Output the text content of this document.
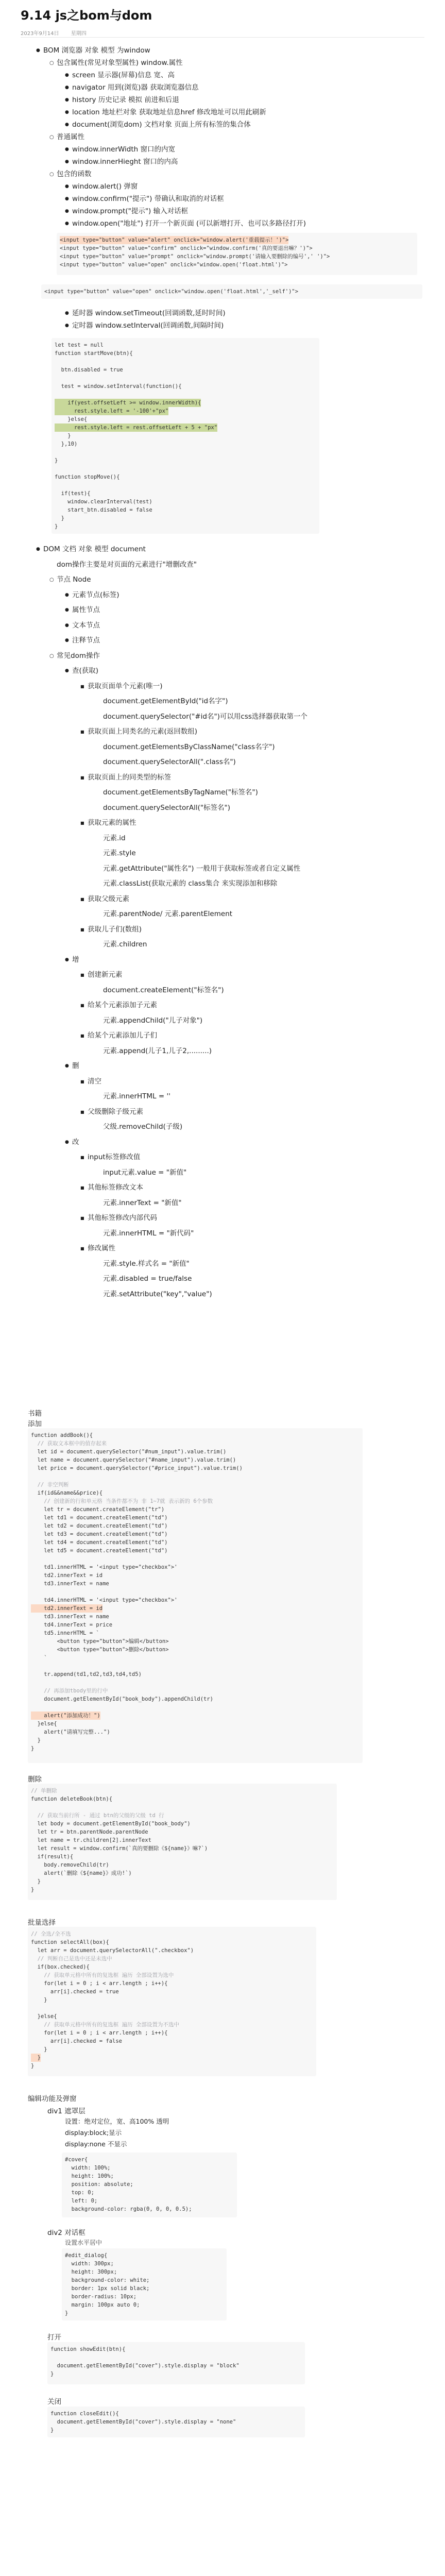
9.14 js之bom与dom
2023年9月14日 星期四
● BOM 浏览器 对象 模型 为window
○ 包含属性(常见对象型属性) window.属性
● screen 显示器(屏幕)信息 宽、高
● navigator 用到(浏览)器 获取浏览器信息
● history 历史记录 模拟 前进和后退
● location 地址栏对象 获取地址信息href 修改地址可以用此刷新
● document(浏览dom) 文档对象 页面上所有标签的集合体
○ 普通属性
● window.innerWidth 窗口的内宽
● window.innerHieght 窗口的内高
○ 包含的函数
● window.alert() 弹窗
● window.confirm("提示") 带确认和取消的对话框
● window.prompt("提示") 输入对话框
● window.open("地址") 打开一个新页面 (可以新增打开、也可以多路径打开)
<input type="button" value="alert" onclick="window.alert('重载提示！')">
<input type="button" value="confirm" onclick="window.confirm('真的要退出嘛？')">
<input type="button" value="prompt" onclick="window.prompt('请输入要删除的编号',' ')">
<input type="button" value="open" onclick="window.open('float.html')">
<input type="button" value="open" onclick="window.open('float.html','_self')">
● 延时器 window.setTimeout(回调函数,延时时间)
● 定时器 window.setInterval(回调函数,间隔时间)
let test = null
function startMove(btn){
btn.disabled = true
test = window.setInterval(function(){
if(yest.offsetLeft >= window.innerWidth){
rest.style.left = '-100'+"px"
}else{
rest.style.left = rest.offsetLeft + 5 + "px"
}
},10)
}
function stopMove(){
if(test){
window.clearInterval(test)
start_btn.disabled = false
}
}
● DOM 文档 对象 模型 document
dom操作主要是对页面的元素进行"增删改查"
○ 节点 Node
● 元素节点(标签)
● 属性节点
● 文本节点
● 注释节点
○ 常见dom操作
● 查(获取)
■ 获取页面单个元素(唯一)
document.getElementById("id名字")
document.querySelector("#id名")可以用css选择器获取第一个
■ 获取页面上同类名的元素(返回数组)
document.getElementsByClassName("class名字")
document.querySelectorAll(".class名")
■ 获取页面上的同类型的标签
document.getElementsByTagName("标签名")
document.querySelectorAll("标签名")
■ 获取元素的属性
元素.id
元素.style
元素.getAttribute("属性名") 一般用于获取标签或者自定义属性
元素.classList(获取元素的 class集合 来实现添加和移除
■ 获取父级元素
元素.parentNode/ 元素.parentElement
■ 获取儿子们(数组)
元素.children
● 增
■ 创建新元素
document.createElement("标签名")
■ 给某个元素添加子元素
元素.appendChild("儿子对象")
■ 给某个元素添加儿子们
元素.append(儿子1,儿子2,.........)
● 删
■ 清空
元素.innerHTML = ''
■ 父级删除子级元素
父级.removeChild(子级)
● 改
■ input标签修改值
input元素.value = "新值"
■ 其他标签修改文本
元素.innerText = "新值"
■ 其他标签修改内部代码
元素.innerHTML = "新代码"
■ 修改属性
元素.style.样式名 = "新值"
元素.disabled = true/false
元素.setAttribute("key","value")
书籍
添加
function addBook(){
// 获取文本框中的值存起来
let id = document.querySelector("#num_input").value.trim()
let name = document.querySelector("#name_input").value.trim()
let price = document.querySelector("#price_input").value.trim()
// 非空判断
if(id&&name&&price){
// 创建新的行和单元格 当条件都不为 非 1~7就 表示新的 6个参数
let tr = document.createElement("tr")
let td1 = document.createElement("td")
let td2 = document.createElement("td")
let td3 = document.createElement("td")
let td4 = document.createElement("td")
let td5 = document.createElement("td")
td1.innerHTML = '<input type="checkbox">'
td2.innerText = id
td3.innerText = name
td4.innerHTML = '<input type="checkbox">'
td2.innerText = id
td3.innerText = name
td4.innerText = price
td5.innerHTML = `
<button type="button">编辑</button>
<button type="button">删除</button>
`
tr.append(td1,td2,td3,td4,td5)
// 再添加tbody里的行中
document.getElementById("book_body").appendChild(tr)
alert("添加成功！")
}else{
alert("请填写完整...")
}
}
删除
// 单删除
function deleteBook(btn){
// 获取当前行所 - 通过 btn的父级的父级 td 行
let body = document.getElementById("book_body")
let tr = btn.parentNode.parentNode
let name = tr.children[2].innerText
let result = window.confirm(`真的要删除《${name}》嘛?`)
if(result){
body.removeChild(tr)
alert(`删除《${name}》成功!`)
}
}
批量选择
// 全选/全不选
function selectAll(box){
let arr = document.querySelectorAll(".checkbox")
// 判断自己是选中还是未选中
if(box.checked){
// 获取单元格中所有的复选框 遍历 全部设置为选中
for(let i = 0 ; i < arr.length ; i++){
arr[i].checked = true
}
}else{
// 获取单元格中所有的复选框 遍历 全部设置为不选中
for(let i = 0 ; i < arr.length ; i++){
arr[i].checked = false
}
}
}
编辑功能及弹窗
div1 遮罩层
设置：绝对定位，宽、高100% 透明
display:block;显示
display:none 不显示
#cover{
width: 100%;
height: 100%;
position: absolute;
top: 0;
left: 0;
background-color: rgba(0, 0, 0, 0.5);
div2 对话框
设置水平居中
#edit_dialog{
width: 300px;
height: 300px;
background-color: white;
border: 1px solid black;
border-radius: 10px;
margin: 100px auto 0;
}
打开
function showEdit(btn){
document.getElementById("cover").style.display = "block"
}
关闭
function closeEdit(){
document.getElementById("cover").style.display = "none"
}
